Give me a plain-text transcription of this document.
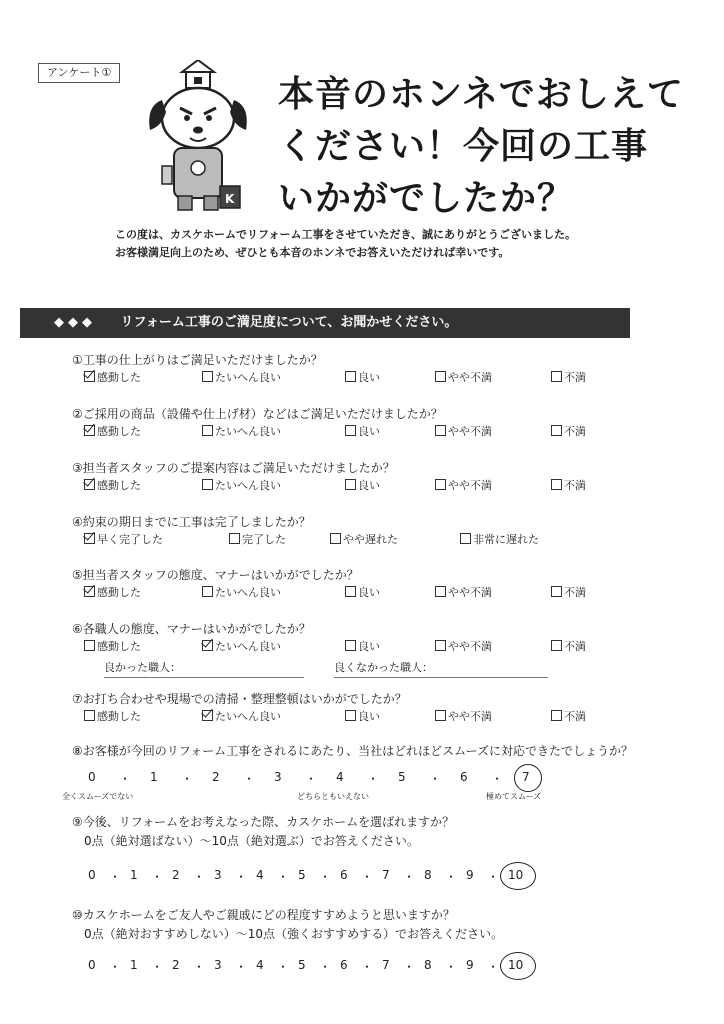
アンケート①
K
本音のホンネでおしえて
ください！今回の工事
いかがでしたか？
この度は、カスケホームでリフォーム工事をさせていただき、誠にありがとうございました。
お客様満足向上のため、ぜひとも本音のホンネでお答えいただければ幸いです。
◆◆◆ リフォーム工事のご満足度について、お聞かせください。
①工事の仕上がりはご満足いただけましたか？
感動した	たいへん良い	良い	やや不満	不満
②ご採用の商品（設備や仕上げ材）などはご満足いただけましたか？
感動した	たいへん良い	良い	やや不満	不満
③担当者スタッフのご提案内容はご満足いただけましたか？
感動した	たいへん良い	良い	やや不満	不満
④約束の期日までに工事は完了しましたか？
早く完了した	完了した	やや遅れた	非常に遅れた
⑤担当者スタッフの態度、マナーはいかがでしたか？
感動した	たいへん良い	良い	やや不満	不満
⑥各職人の態度、マナーはいかがでしたか？
感動した	たいへん良い	良い	やや不満	不満
⑦お打ち合わせや現場での清掃・整理整頓はいかがでしたか？
感動した	たいへん良い	良い	やや不満	不満
良かった職人：	良くなかった職人：
⑧お客様が今回のリフォーム工事をされるにあたり、当社はどれほどスムーズに対応できたでしょうか？
0 ・ 1 ・ 2 ・ 3 ・ 4 ・ 5 ・ 6 ・ 7
全くスムーズでない	どちらともいえない	極めてスムーズ
⑨今後、リフォームをお考えなった際、カスケホームを選ばれますか？
0点（絶対選ばない）～10点（絶対選ぶ）でお答えください。
0 ・ 1 ・ 2 ・ 3 ・ 4 ・ 5 ・ 6 ・ 7 ・ 8 ・ 9 ・ 10
⑩カスケホームをご友人やご親戚にどの程度すすめようと思いますか？
0点（絶対おすすめしない）～10点（強くおすすめする）でお答えください。
0 ・ 1 ・ 2 ・ 3 ・ 4 ・ 5 ・ 6 ・ 7 ・ 8 ・ 9 ・ 10
